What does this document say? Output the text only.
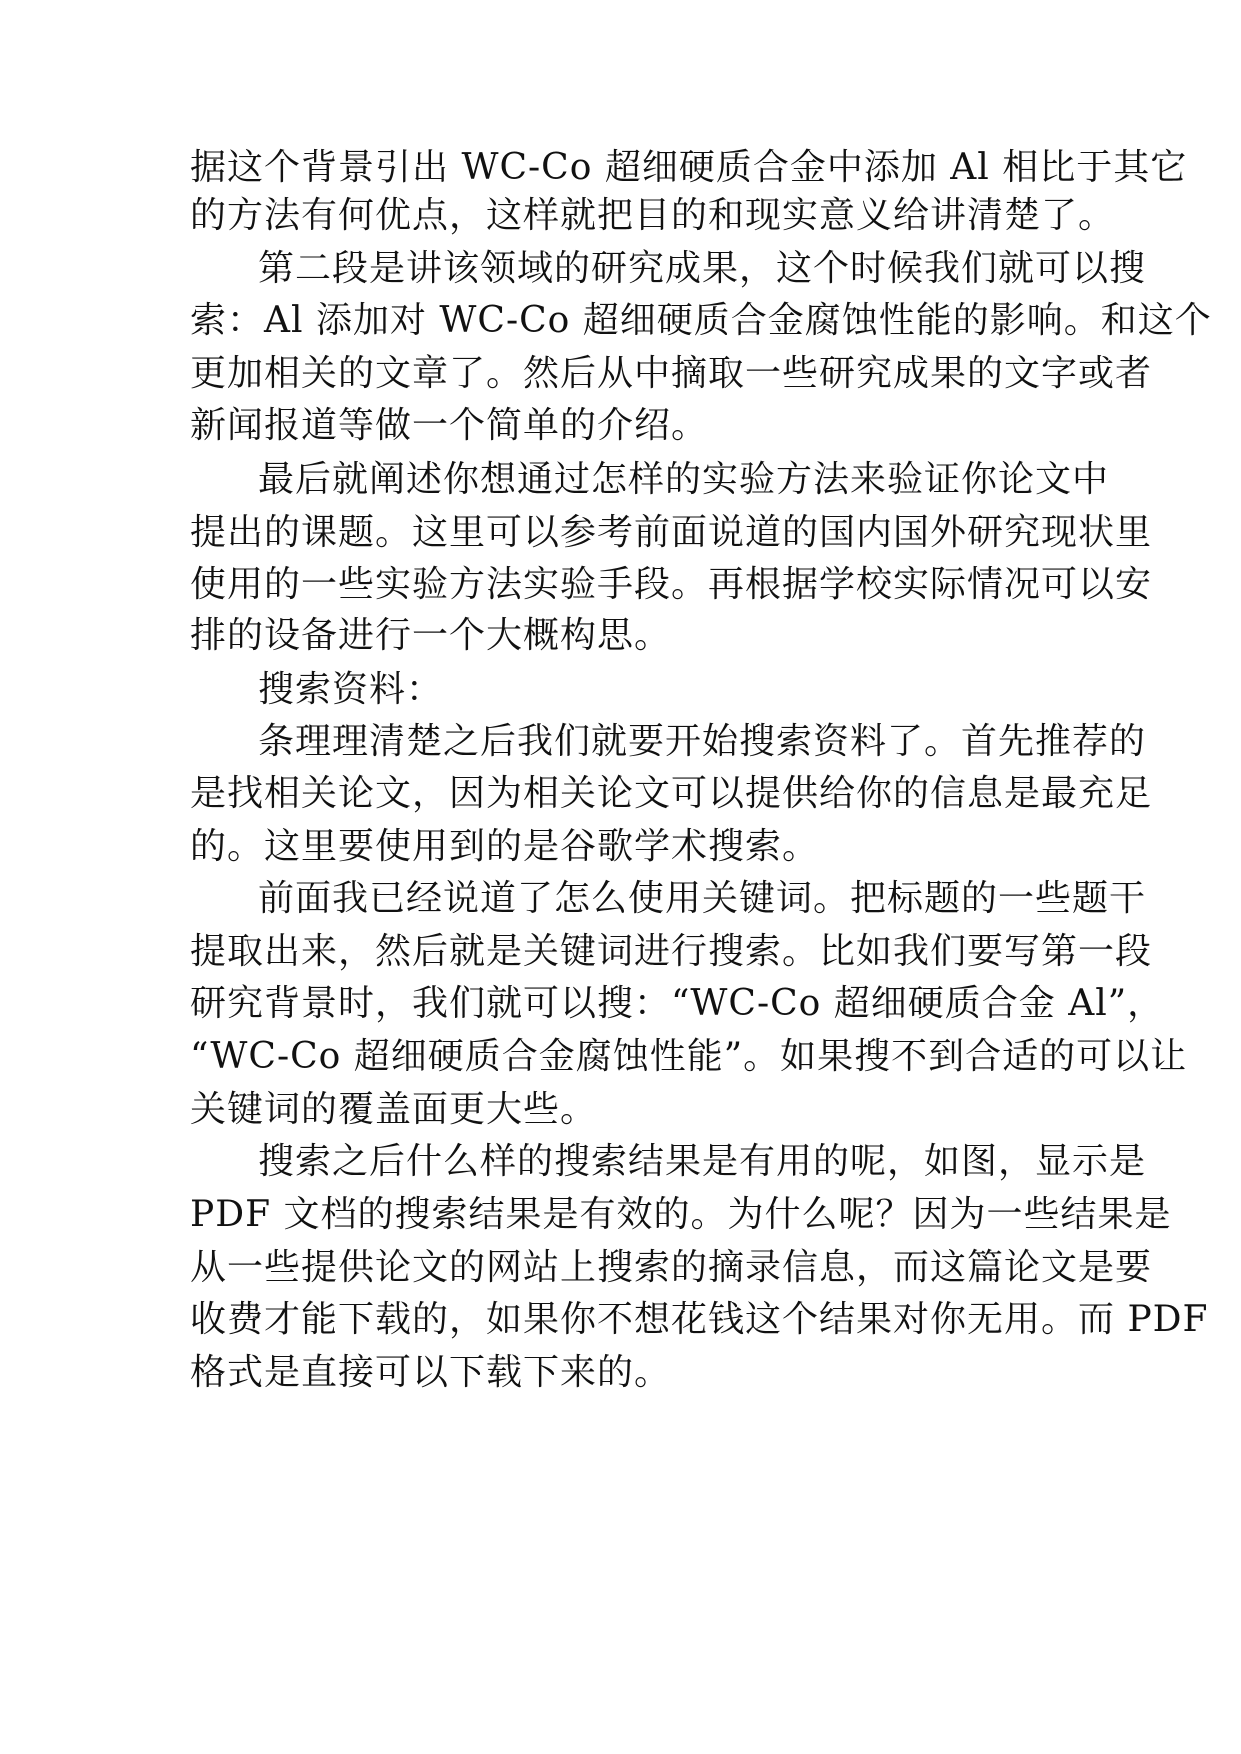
据这个背景引出 WC-Co 超细硬质合金中添加 Al 相比于其它
的方法有何优点，这样就把目的和现实意义给讲清楚了。
第二段是讲该领域的研究成果，这个时候我们就可以搜
索：Al 添加对 WC-Co 超细硬质合金腐蚀性能的影响。和这个
更加相关的文章了。然后从中摘取一些研究成果的文字或者
新闻报道等做一个简单的介绍。
最后就阐述你想通过怎样的实验方法来验证你论文中
提出的课题。这里可以参考前面说道的国内国外研究现状里
使用的一些实验方法实验手段。再根据学校实际情况可以安
排的设备进行一个大概构思。
搜索资料：
条理理清楚之后我们就要开始搜索资料了。首先推荐的
是找相关论文，因为相关论文可以提供给你的信息是最充足
的。这里要使用到的是谷歌学术搜索。
前面我已经说道了怎么使用关键词。把标题的一些题干
提取出来，然后就是关键词进行搜索。比如我们要写第一段
研究背景时，我们就可以搜：“WC-Co 超细硬质合金 Al”，
“WC-Co 超细硬质合金腐蚀性能”。如果搜不到合适的可以让
关键词的覆盖面更大些。
搜索之后什么样的搜索结果是有用的呢，如图，显示是
PDF 文档的搜索结果是有效的。为什么呢？因为一些结果是
从一些提供论文的网站上搜索的摘录信息，而这篇论文是要
收费才能下载的，如果你不想花钱这个结果对你无用。而 PDF
格式是直接可以下载下来的。
